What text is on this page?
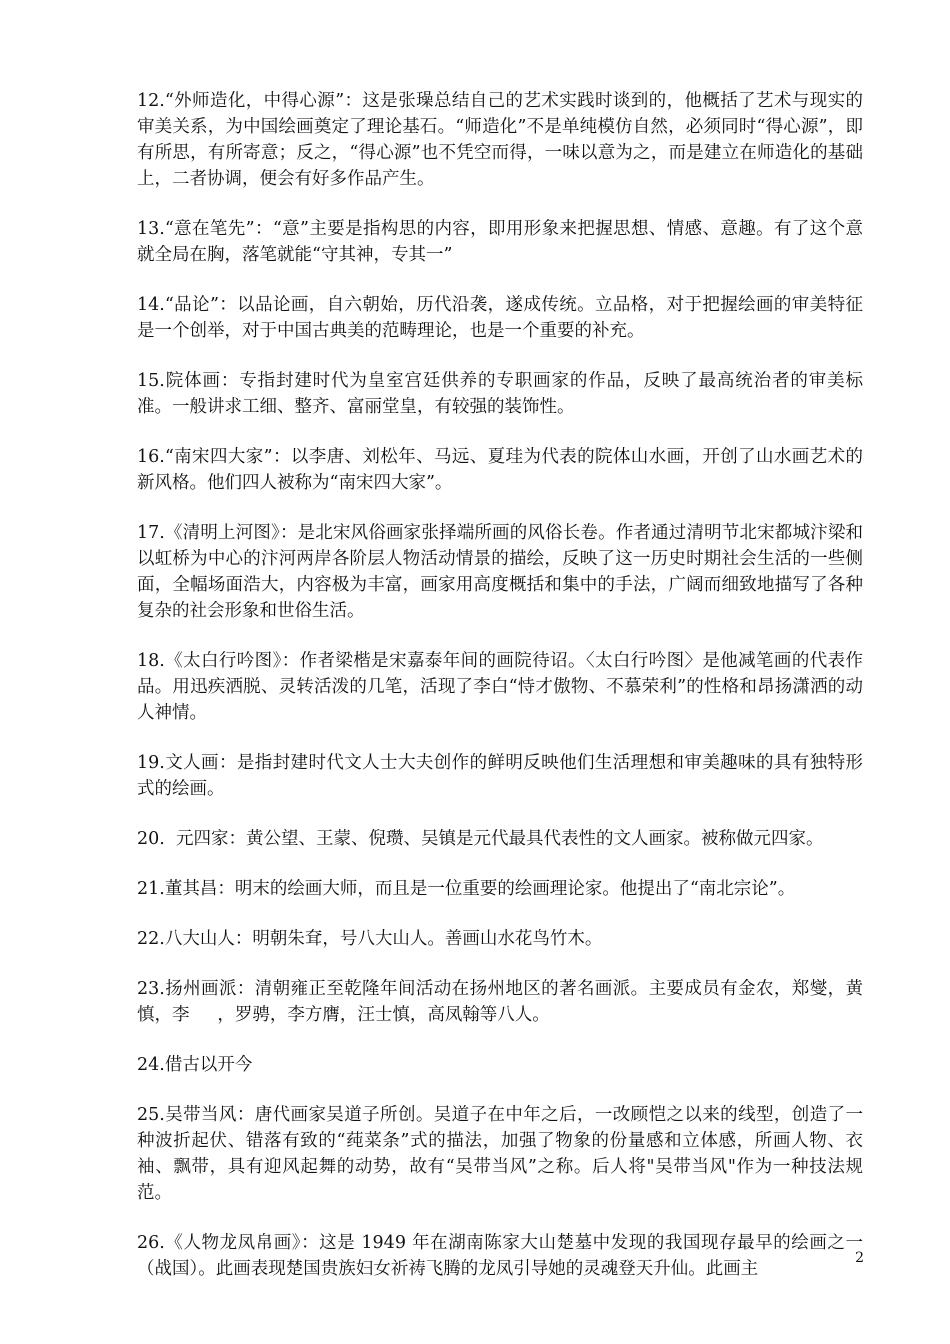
12.“外师造化，中得心源”：这是张璪总结自己的艺术实践时谈到的，他概括了艺术与现实的审美关系，为中国绘画奠定了理论基石。“师造化”不是单纯模仿自然，必须同时“得心源”，即有所思，有所寄意；反之，“得心源”也不凭空而得，一味以意为之，而是建立在师造化的基础上，二者协调，便会有好多作品产生。

13.“意在笔先”：“意”主要是指构思的内容，即用形象来把握思想、情感、意趣。有了这个意就全局在胸，落笔就能“守其神，专其一”

14.“品论”：以品论画，自六朝始，历代沿袭，遂成传统。立品格，对于把握绘画的审美特征是一个创举，对于中国古典美的范畴理论，也是一个重要的补充。

15.院体画：专指封建时代为皇室宫廷供养的专职画家的作品，反映了最高统治者的审美标准。一般讲求工细、整齐、富丽堂皇，有较强的装饰性。

16.“南宋四大家”：以李唐、刘松年、马远、夏珪为代表的院体山水画，开创了山水画艺术的新风格。他们四人被称为“南宋四大家”。

17.《清明上河图》：是北宋风俗画家张择端所画的风俗长卷。作者通过清明节北宋都城汴梁和以虹桥为中心的汴河两岸各阶层人物活动情景的描绘，反映了这一历史时期社会生活的一些侧面，全幅场面浩大，内容极为丰富，画家用高度概括和集中的手法，广阔而细致地描写了各种复杂的社会形象和世俗生活。

18.《太白行吟图》：作者梁楷是宋嘉泰年间的画院待诏。〈太白行吟图〉是他减笔画的代表作品。用迅疾洒脱、灵转活泼的几笔，活现了李白“恃才傲物、不慕荣利”的性格和昂扬潇洒的动人神情。

19.文人画：是指封建时代文人士大夫创作的鲜明反映他们生活理想和审美趣味的具有独特形式的绘画。

20.  元四家：黄公望、王蒙、倪瓒、吴镇是元代最具代表性的文人画家。被称做元四家。

21.董其昌：明末的绘画大师，而且是一位重要的绘画理论家。他提出了“南北宗论”。

22.八大山人：明朝朱耷，号八大山人。善画山水花鸟竹木。

23.扬州画派：清朝雍正至乾隆年间活动在扬州地区的著名画派。主要成员有金农，郑燮，黄慎，李     ，罗骋，李方膺，汪士慎，高凤翰等八人。

24.借古以开今

25.吴带当风：唐代画家吴道子所创。吴道子在中年之后，一改顾恺之以来的线型，创造了一种波折起伏、错落有致的“莼菜条”式的描法，加强了物象的份量感和立体感，所画人物、衣袖、飘带，具有迎风起舞的动势，故有“吴带当风”之称。后人将"吴带当风"作为一种技法规范。

26.《人物龙凤帛画》：这是 1949 年在湖南陈家大山楚墓中发现的我国现存最早的绘画之一（战国）。此画表现楚国贵族妇女祈祷飞腾的龙凤引导她的灵魂登天升仙。此画主

2
